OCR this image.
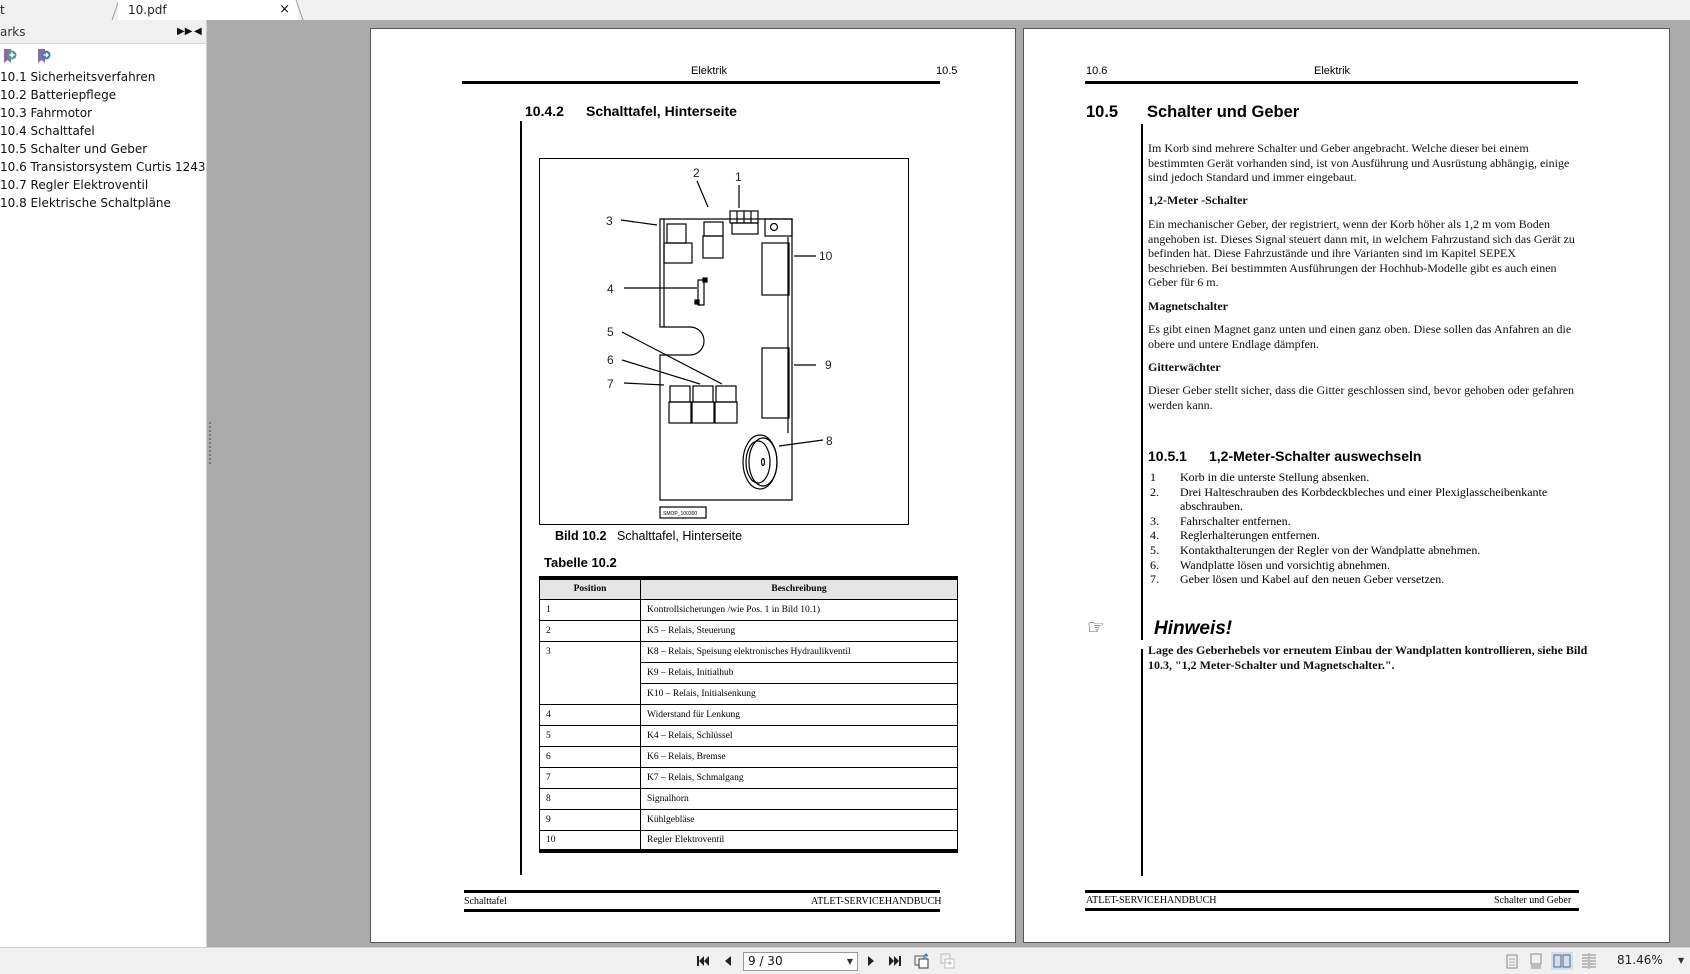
t	10.pdf	×
arks	▶▶ ◀
10.1 Sicherheitsverfahren
10.2 Batteriepflege
10.3 Fahrmotor
10.4 Schalttafel
10.5 Schalter und Geber
10.6 Transistorsystem Curtis 1243
10.7 Regler Elektroventil
10.8 Elektrische Schaltpläne
Elektrik	10.5
10.4.2 Schalttafel, Hinterseite
3
2	1
10
4
5
6
7
9
8
SMOP_100300
Bild 10.2 Schalttafel, Hinterseite
Tabelle 10.2
Position	Beschreibung
1	Kontrollsicherungen /wie Pos. 1 in Bild 10.1)
2	K5 – Relais, Steuerung
3	K8 – Relais, Speisung elektronisches Hydraulikventil
	K9 – Relais, Initialhub
	K10 – Relais, Initialsenkung
4	Widerstand für Lenkung
5	K4 – Relais, Schlüssel
6	K6 – Relais, Bremse
7	K7 – Relais, Schmalgang
8	Signalhorn
9	Kühlgebläse
10	Regler Elektroventil
Schalttafel	ATLET-SERVICEHANDBUCH
10.6	Elektrik
10.5 Schalter und Geber

Im Korb sind mehrere Schalter und Geber angebracht. Welche dieser bei einem bestimmten Gerät vorhanden sind, ist von Ausführung und Ausrüstung abhängig, einige sind jedoch Standard und immer eingebaut.

1,2-Meter -Schalter

Ein mechanischer Geber, der registriert, wenn der Korb höher als 1,2 m vom Boden angehoben ist. Dieses Signal steuert dann mit, in welchem Fahrzustand sich das Gerät zu befinden hat. Diese Fahrzustände und ihre Varianten sind im Kapitel SEPEX beschrieben. Bei bestimmten Ausführungen der Hochhub-Modelle gibt es auch einen Geber für 6 m.

Magnetschalter

Es gibt einen Magnet ganz unten und einen ganz oben. Diese sollen das Anfahren an die obere und untere Endlage dämpfen.

Gitterwächter

Dieser Geber stellt sicher, dass die Gitter geschlossen sind, bevor gehoben oder gefahren werden kann.

10.5.1 1,2-Meter-Schalter auswechseln
1	Korb in die unterste Stellung absenken.
2.	Drei Halteschrauben des Korbdeckbleches und einer Plexiglasscheibenkante abschrauben.
3.	Fahrschalter entfernen.
4.	Reglerhalterungen entfernen.
5.	Kontakthalterungen der Regler von der Wandplatte abnehmen.
6.	Wandplatte lösen und vorsichtig abnehmen.
7.	Geber lösen und Kabel auf den neuen Geber versetzen.
☞	Hinweis!

Lage des Geberhebels vor erneutem Einbau der Wandplatten kontrollieren, siehe Bild 10.3, "1,2 Meter-Schalter und Magnetschalter.".

ATLET-SERVICEHANDBUCH	Schalter und Geber
9 / 30	▼	81.46% ▼
